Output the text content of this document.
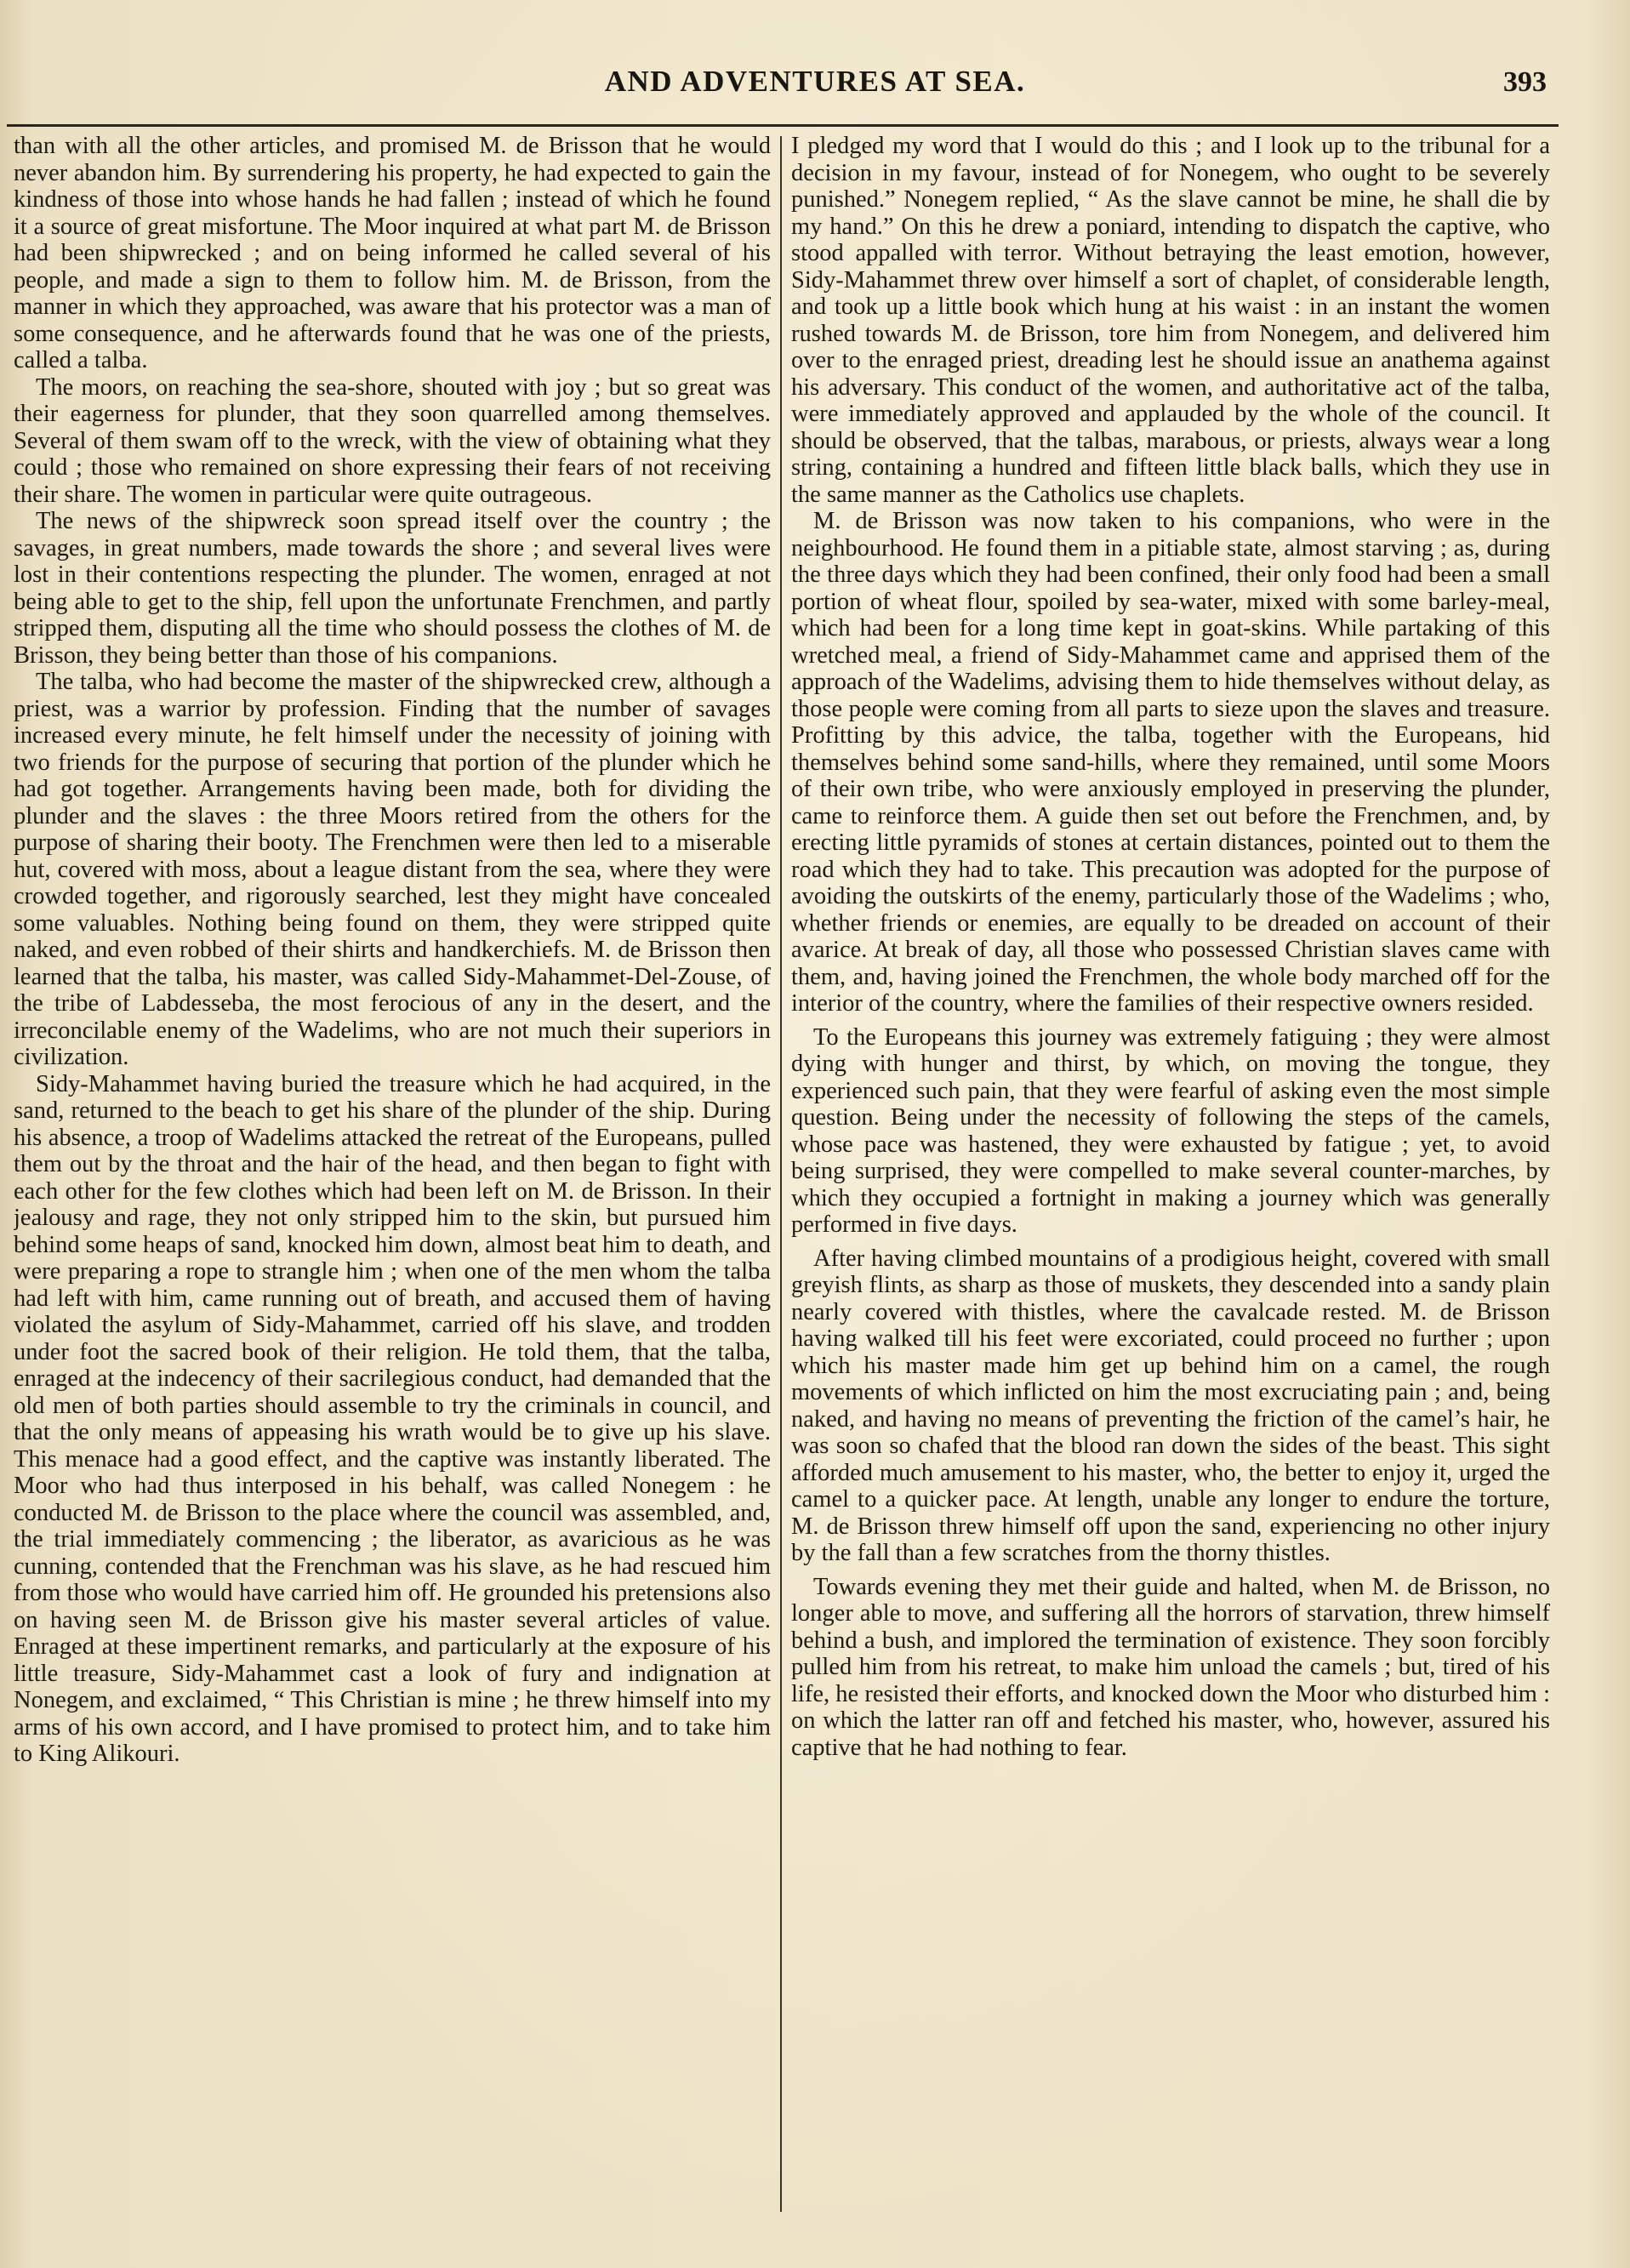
AND ADVENTURES AT SEA.	393

than with all the other articles, and promised M. de Brisson that he would never abandon him. By surrendering his property, he had expected to gain the kindness of those into whose hands he had fallen ; instead of which he found it a source of great misfortune. The Moor inquired at what part M. de Brisson had been shipwrecked ; and on being informed he called several of his people, and made a sign to them to follow him. M. de Brisson, from the manner in which they approached, was aware that his protector was a man of some consequence, and he afterwards found that he was one of the priests, called a talba.

The moors, on reaching the sea-shore, shouted with joy ; but so great was their eagerness for plunder, that they soon quarrelled among themselves. Several of them swam off to the wreck, with the view of obtaining what they could ; those who remained on shore expressing their fears of not receiving their share. The women in particular were quite outrageous.

The news of the shipwreck soon spread itself over the country ; the savages, in great numbers, made towards the shore ; and several lives were lost in their contentions respecting the plunder. The women, enraged at not being able to get to the ship, fell upon the unfortunate Frenchmen, and partly stripped them, disputing all the time who should possess the clothes of M. de Brisson, they being better than those of his companions.

The talba, who had become the master of the shipwrecked crew, although a priest, was a warrior by profession. Finding that the number of savages increased every minute, he felt himself under the necessity of joining with two friends for the purpose of securing that portion of the plunder which he had got together. Arrangements having been made, both for dividing the plunder and the slaves : the three Moors retired from the others for the purpose of sharing their booty. The Frenchmen were then led to a miserable hut, covered with moss, about a league distant from the sea, where they were crowded together, and rigorously searched, lest they might have concealed some valuables. Nothing being found on them, they were stripped quite naked, and even robbed of their shirts and handkerchiefs. M. de Brisson then learned that the talba, his master, was called Sidy-Mahammet-Del-Zouse, of the tribe of Labdesseba, the most ferocious of any in the desert, and the irreconcilable enemy of the Wadelims, who are not much their superiors in civilization.

Sidy-Mahammet having buried the treasure which he had acquired, in the sand, returned to the beach to get his share of the plunder of the ship. During his absence, a troop of Wadelims attacked the retreat of the Europeans, pulled them out by the throat and the hair of the head, and then began to fight with each other for the few clothes which had been left on M. de Brisson. In their jealousy and rage, they not only stripped him to the skin, but pursued him behind some heaps of sand, knocked him down, almost beat him to death, and were preparing a rope to strangle him ; when one of the men whom the talba had left with him, came running out of breath, and accused them of having violated the asylum of Sidy-Mahammet, carried off his slave, and trodden under foot the sacred book of their religion. He told them, that the talba, enraged at the indecency of their sacrilegious conduct, had demanded that the old men of both parties should assemble to try the criminals in council, and that the only means of appeasing his wrath would be to give up his slave. This menace had a good effect, and the captive was instantly liberated. The Moor who had thus interposed in his behalf, was called Nonegem : he conducted M. de Brisson to the place where the council was assembled, and, the trial immediately commencing ; the liberator, as avaricious as he was cunning, contended that the Frenchman was his slave, as he had rescued him from those who would have carried him off. He grounded his pretensions also on having seen M. de Brisson give his master several articles of value. Enraged at these impertinent remarks, and particularly at the exposure of his little treasure, Sidy-Mahammet cast a look of fury and indignation at Nonegem, and exclaimed, “ This Christian is mine ; he threw himself into my arms of his own accord, and I have promised to protect him, and to take him to King Alikouri.

I pledged my word that I would do this ; and I look up to the tribunal for a decision in my favour, instead of for Nonegem, who ought to be severely punished.” Nonegem replied, “ As the slave cannot be mine, he shall die by my hand.” On this he drew a poniard, intending to dispatch the captive, who stood appalled with terror. Without betraying the least emotion, however, Sidy-Mahammet threw over himself a sort of chaplet, of considerable length, and took up a little book which hung at his waist : in an instant the women rushed towards M. de Brisson, tore him from Nonegem, and delivered him over to the enraged priest, dreading lest he should issue an anathema against his adversary. This conduct of the women, and authoritative act of the talba, were immediately approved and applauded by the whole of the council. It should be observed, that the talbas, marabous, or priests, always wear a long string, containing a hundred and fifteen little black balls, which they use in the same manner as the Catholics use chaplets.

M. de Brisson was now taken to his companions, who were in the neighbourhood. He found them in a pitiable state, almost starving ; as, during the three days which they had been confined, their only food had been a small portion of wheat flour, spoiled by sea-water, mixed with some barley-meal, which had been for a long time kept in goat-skins. While partaking of this wretched meal, a friend of Sidy-Mahammet came and apprised them of the approach of the Wadelims, advising them to hide themselves without delay, as those people were coming from all parts to sieze upon the slaves and treasure. Profitting by this advice, the talba, together with the Europeans, hid themselves behind some sand-hills, where they remained, until some Moors of their own tribe, who were anxiously employed in preserving the plunder, came to reinforce them. A guide then set out before the Frenchmen, and, by erecting little pyramids of stones at certain distances, pointed out to them the road which they had to take. This precaution was adopted for the purpose of avoiding the outskirts of the enemy, particularly those of the Wadelims ; who, whether friends or enemies, are equally to be dreaded on account of their avarice. At break of day, all those who possessed Christian slaves came with them, and, having joined the Frenchmen, the whole body marched off for the interior of the country, where the families of their respective owners resided.

To the Europeans this journey was extremely fatiguing ; they were almost dying with hunger and thirst, by which, on moving the tongue, they experienced such pain, that they were fearful of asking even the most simple question. Being under the necessity of following the steps of the camels, whose pace was hastened, they were exhausted by fatigue ; yet, to avoid being surprised, they were compelled to make several counter-marches, by which they occupied a fortnight in making a journey which was generally performed in five days.

After having climbed mountains of a prodigious height, covered with small greyish flints, as sharp as those of muskets, they descended into a sandy plain nearly covered with thistles, where the cavalcade rested. M. de Brisson having walked till his feet were excoriated, could proceed no further ; upon which his master made him get up behind him on a camel, the rough movements of which inflicted on him the most excruciating pain ; and, being naked, and having no means of preventing the friction of the camel’s hair, he was soon so chafed that the blood ran down the sides of the beast. This sight afforded much amusement to his master, who, the better to enjoy it, urged the camel to a quicker pace. At length, unable any longer to endure the torture, M. de Brisson threw himself off upon the sand, experiencing no other injury by the fall than a few scratches from the thorny thistles.

Towards evening they met their guide and halted, when M. de Brisson, no longer able to move, and suffering all the horrors of starvation, threw himself behind a bush, and implored the termination of existence. They soon forcibly pulled him from his retreat, to make him unload the camels ; but, tired of his life, he resisted their efforts, and knocked down the Moor who disturbed him : on which the latter ran off and fetched his master, who, however, assured his captive that he had nothing to fear.
